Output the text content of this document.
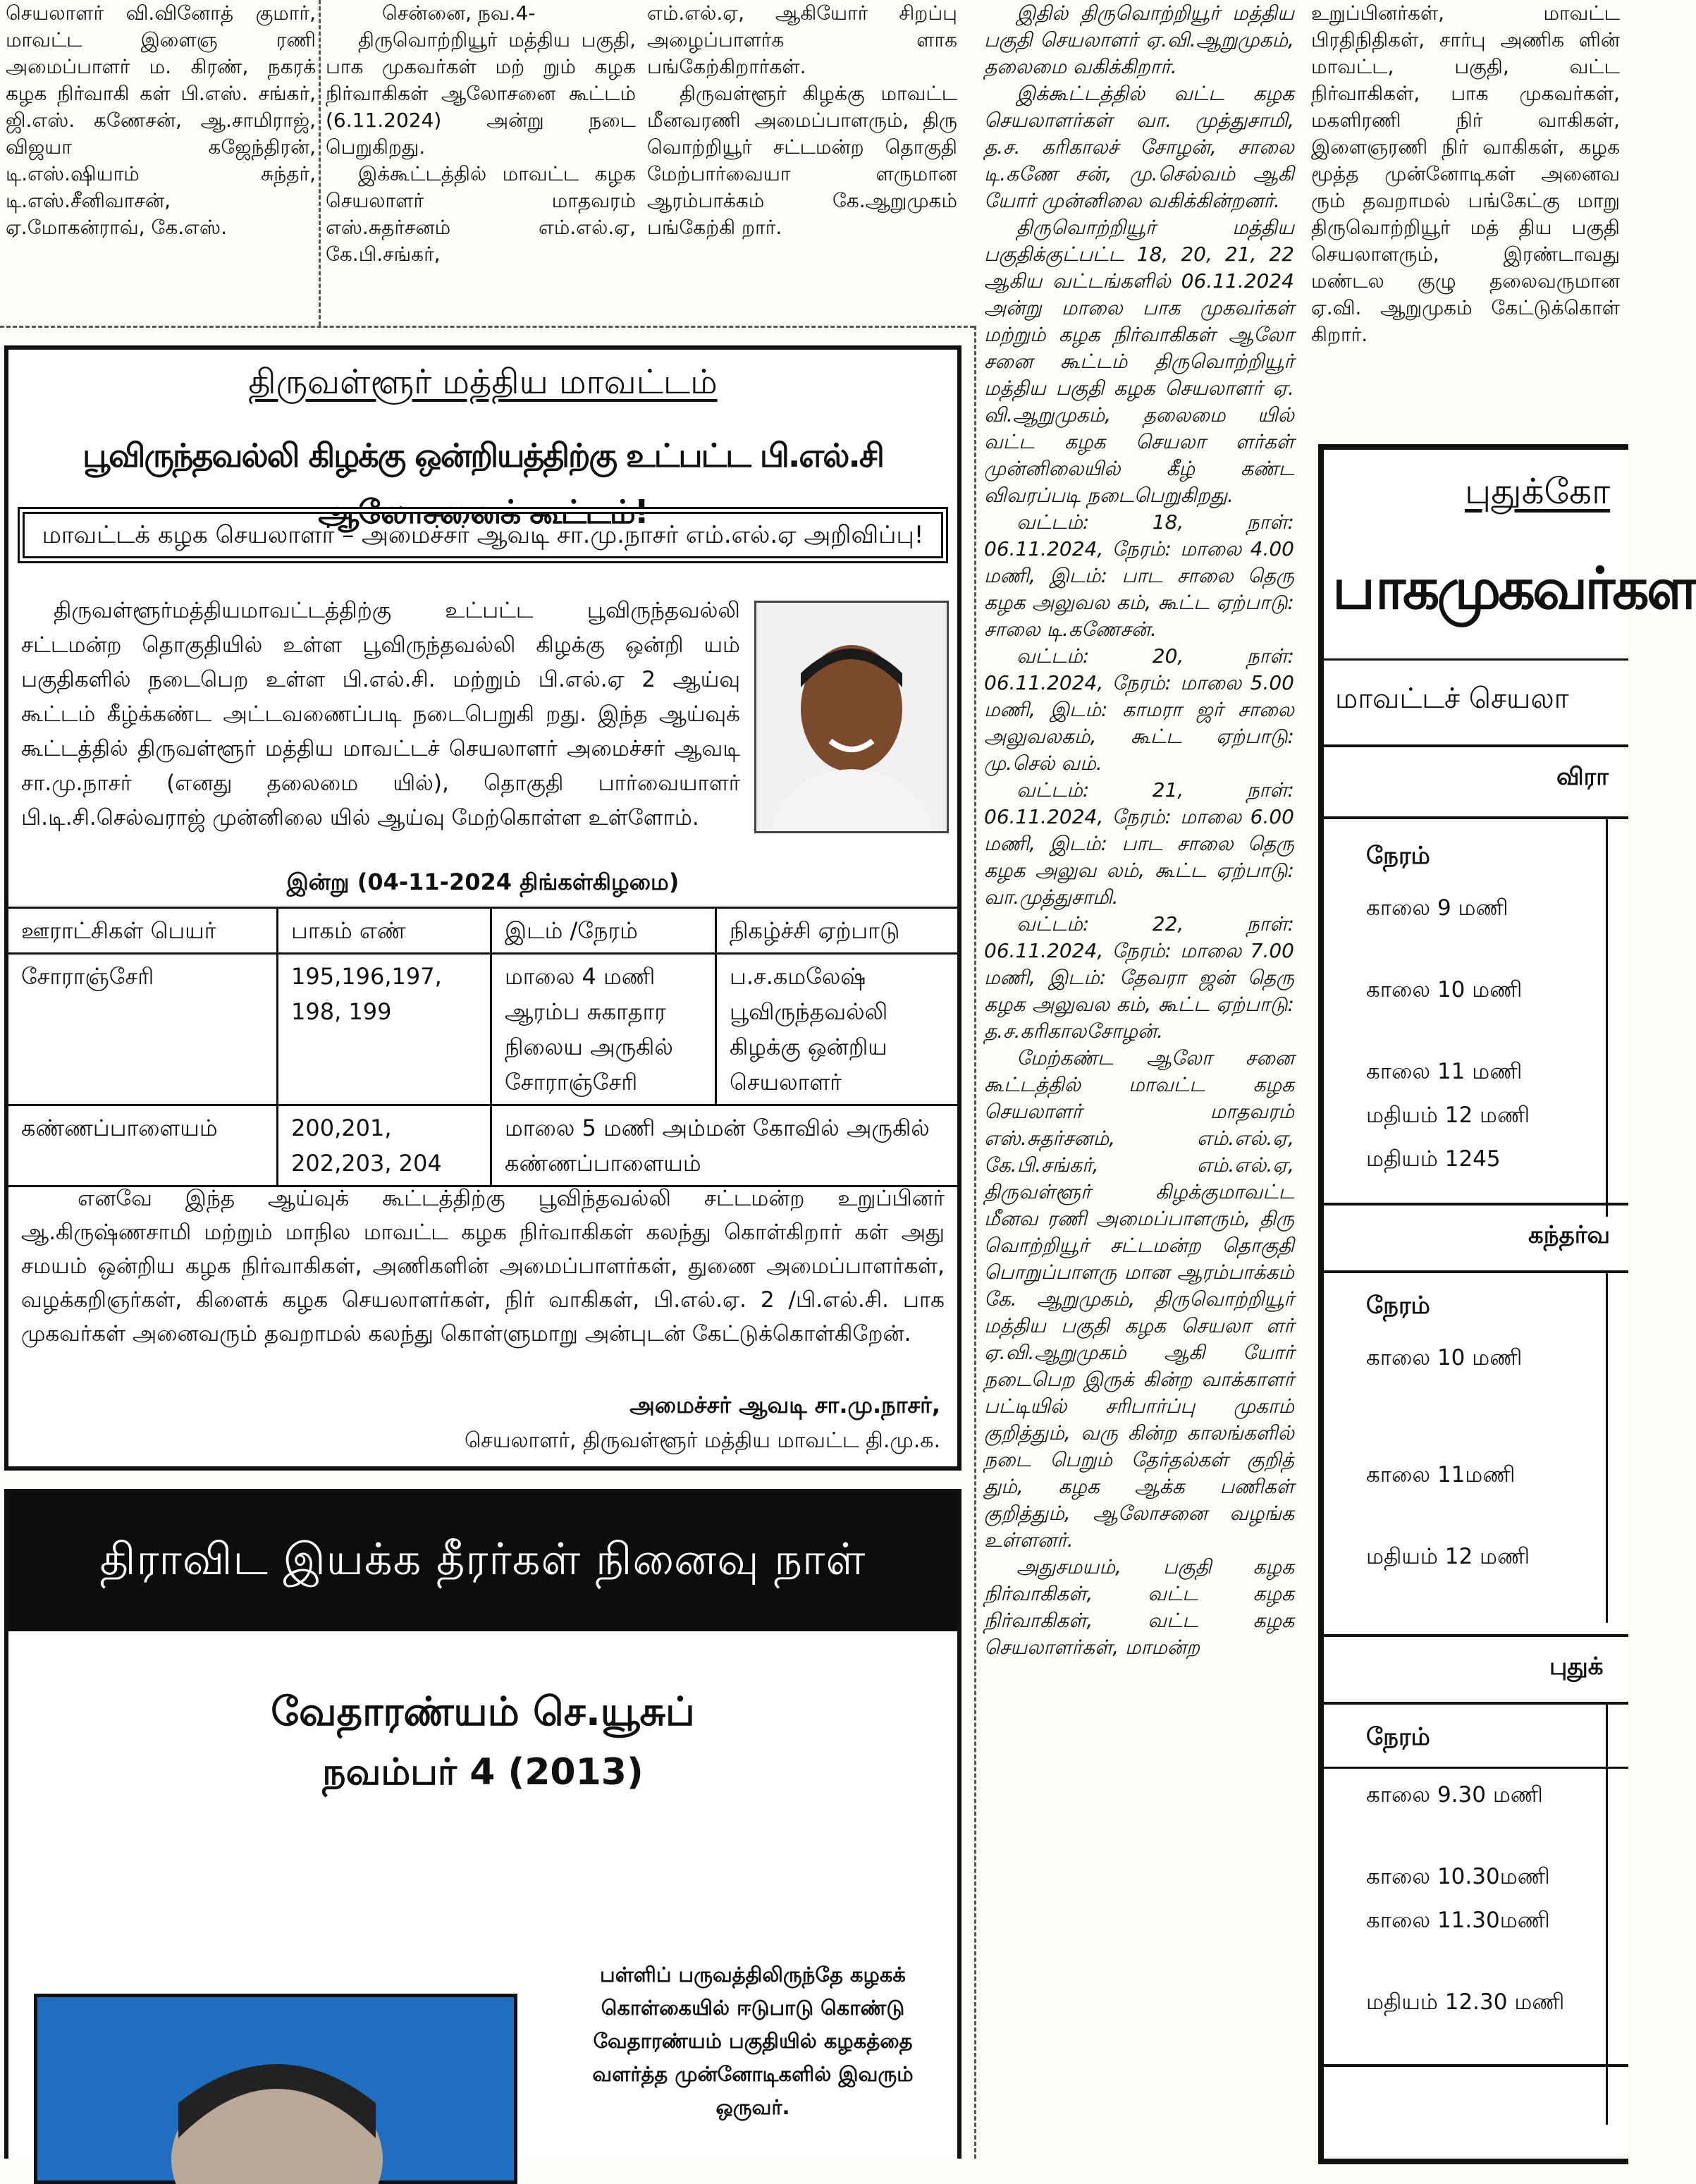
செயலாளர் வி.வினோத் குமார், மாவட்ட இளைஞ ரணி அமைப்பாளர் ம. கிரண், நகரக் கழக நிர்வாகி கள் பி.எஸ். சங்கர், ஜி.எஸ். கணேசன், ஆ.சாமிராஜ், விஜயா கஜேந்திரன், டி.எஸ்.ஷியாம் சுந்தர், டி.எஸ்.சீனிவாசன், ஏ.மோகன்ராவ், கே.எஸ்.

சென்னை, நவ.4-

திருவொற்றியூர் மத்திய பகுதி, பாக முகவர்கள் மற் றும் கழக நிர்வாகிகள் ஆலோசனை கூட்டம் (6.11.2024) அன்று நடை பெறுகிறது.

இக்கூட்டத்தில் மாவட்ட கழக செயலாளர் மாதவரம் எஸ்.சுதர்சனம் எம்.எல்.ஏ, கே.பி.சங்கர்,

எம்.எல்.ஏ, ஆகியோர் சிறப்பு அழைப்பாளர்க ளாக பங்கேற்கிறார்கள்.

திருவள்ளூர் கிழக்கு மாவட்ட மீனவரணி அமைப்பாளரும், திரு வொற்றியூர் சட்டமன்ற தொகுதி மேற்பார்வையா ளருமான ஆரம்பாக்கம் கே.ஆறுமுகம் பங்கேற்கி றார்.

இதில் திருவொற்றியூர் மத்திய பகுதி செயலாளர் ஏ.வி.ஆறுமுகம், தலைமை வகிக்கிறார்.

இக்கூட்டத்தில் வட்ட கழக செயலாளர்கள் வா. முத்துசாமி, த.ச. கரிகாலச் சோழன், சாலை டி.கணே சன், மு.செல்வம் ஆகி யோர் முன்னிலை வகிக்கின்றனர்.

திருவொற்றியூர் மத்திய பகுதிக்குட்பட்ட 18, 20, 21, 22 ஆகிய வட்டங்களில் 06.11.2024 அன்று மாலை பாக முகவர்கள் மற்றும் கழக நிர்வாகிகள் ஆலோ சனை கூட்டம் திருவொற்றியூர் மத்திய பகுதி கழக செயலாளர் ஏ. வி.ஆறுமுகம், தலைமை யில் வட்ட கழக செயலா ளர்கள் முன்னிலையில் கீழ் கண்ட விவரப்படி நடைபெறுகிறது.

வட்டம்: 18, நாள்: 06.11.2024, நேரம்: மாலை 4.00 மணி, இடம்: பாட சாலை தெரு கழக அலுவல கம், கூட்ட ஏற்பாடு: சாலை டி.கணேசன்.

வட்டம்: 20, நாள்: 06.11.2024, நேரம்: மாலை 5.00 மணி, இடம்: காமரா ஜர் சாலை அலுவலகம், கூட்ட ஏற்பாடு: மு.செல் வம்.

வட்டம்: 21, நாள்: 06.11.2024, நேரம்: மாலை 6.00 மணி, இடம்: பாட சாலை தெரு கழக அலுவ லம், கூட்ட ஏற்பாடு: வா.முத்துசாமி.

வட்டம்: 22, நாள்: 06.11.2024, நேரம்: மாலை 7.00 மணி, இடம்: தேவரா ஜன் தெரு கழக அலுவல கம், கூட்ட ஏற்பாடு: த.ச.கரிகாலசோழன்.

மேற்கண்ட ஆலோ சனை கூட்டத்தில் மாவட்ட கழக செயலாளர் மாதவரம் எஸ்.சுதர்சனம், எம்.எல்.ஏ, கே.பி.சங்கர், எம்.எல்.ஏ, திருவள்ளூர் கிழக்குமாவட்ட மீனவ ரணி அமைப்பாளரும், திரு வொற்றியூர் சட்டமன்ற தொகுதி பொறுப்பாளரு மான ஆரம்பாக்கம் கே. ஆறுமுகம், திருவொற்றியூர் மத்திய பகுதி கழக செயலா ளர் ஏ.வி.ஆறுமுகம் ஆகி யோர் நடைபெற இருக் கின்ற வாக்காளர் பட்டியில் சரிபார்ப்பு முகாம் குறித்தும், வரு கின்ற காலங்களில் நடை பெறும் தேர்தல்கள் குறித் தும், கழக ஆக்க பணிகள் குறித்தும், ஆலோசனை வழங்க உள்ளனர்.

அதுசமயம், பகுதி கழக நிர்வாகிகள், வட்ட கழக நிர்வாகிகள், வட்ட கழக செயலாளர்கள், மாமன்ற

உறுப்பினர்கள், மாவட்ட பிரதிநிதிகள், சார்பு அணிக ளின் மாவட்ட, பகுதி, வட்ட நிர்வாகிகள், பாக முகவர்கள், மகளிரணி நிர் வாகிகள், இளைஞரணி நிர் வாகிகள், கழக மூத்த முன்னோடிகள் அனைவ ரும் தவறாமல் பங்கேட்கு மாறு திருவொற்றியூர் மத் திய பகுதி செயலாளரும், இரண்டாவது மண்டல குழு தலைவருமான ஏ.வி. ஆறுமுகம் கேட்டுக்கொள் கிறார்.

திருவள்ளூர் மத்திய மாவட்டம்
பூவிருந்தவல்லி கிழக்கு ஒன்றியத்திற்கு உட்பட்ட பி.எல்.சி ஆலோசனைக் கூட்டம்!
மாவட்டக் கழக செயலாளர் – அமைச்சர் ஆவடி சா.மு.நாசர் எம்.எல்.ஏ அறிவிப்பு!
திருவள்ளூர்மத்தியமாவட்டத்திற்கு உட்பட்ட பூவிருந்தவல்லி சட்டமன்ற தொகுதியில் உள்ள பூவிருந்தவல்லி கிழக்கு ஒன்றி யம் பகுதிகளில் நடைபெற உள்ள பி.எல்.சி. மற்றும் பி.எல்.ஏ 2 ஆய்வு கூட்டம் கீழ்க்கண்ட அட்டவணைப்படி நடைபெறுகி றது. இந்த ஆய்வுக் கூட்டத்தில் திருவள்ளூர் மத்திய மாவட்டச் செயலாளர் அமைச்சர் ஆவடி சா.மு.நாசர் (எனது தலைமை யில்), தொகுதி பார்வையாளர் பி.டி.சி.செல்வராஜ் முன்னிலை யில் ஆய்வு மேற்கொள்ள உள்ளோம்.
இன்று (04-11-2024 திங்கள்கிழமை)
ஊராட்சிகள் பெயர்	பாகம் எண்	இடம் /நேரம்	நிகழ்ச்சி ஏற்பாடு
சோராஞ்சேரி	195,196,197, 198, 199	மாலை 4 மணி ஆரம்ப சுகாதார நிலைய அருகில் சோராஞ்சேரி	ப.ச.கமலேஷ் பூவிருந்தவல்லி கிழக்கு ஒன்றிய செயலாளர்
கண்ணப்பாளையம்	200,201, 202,203, 204	மாலை 5 மணி அம்மன் கோவில் அருகில் கண்ணப்பாளையம்	
எனவே இந்த ஆய்வுக் கூட்டத்திற்கு பூவிந்தவல்லி சட்டமன்ற உறுப்பினர் ஆ.கிருஷ்ணசாமி மற்றும் மாநில மாவட்ட கழக நிர்வாகிகள் கலந்து கொள்கிறார் கள் அது சமயம் ஒன்றிய கழக நிர்வாகிகள், அணிகளின் அமைப்பாளர்கள், துணை அமைப்பாளர்கள், வழக்கறிஞர்கள், கிளைக் கழக செயலாளர்கள், நிர் வாகிகள், பி.எல்.ஏ. 2 /பி.எல்.சி. பாக முகவர்கள் அனைவரும் தவறாமல் கலந்து கொள்ளுமாறு அன்புடன் கேட்டுக்கொள்கிறேன்.
அமைச்சர் ஆவடி சா.மு.நாசர்,
செயலாளர், திருவள்ளூர் மத்திய மாவட்ட தி.மு.க.
திராவிட இயக்க தீரர்கள் நினைவு நாள்
வேதாரண்யம் செ.யூசுப்
நவம்பர் 4 (2013)
பள்ளிப் பருவத்திலிருந்தே கழகக் கொள்கையில் ஈடுபாடு கொண்டு வேதாரண்யம் பகுதியில் கழகத்தை வளர்த்த முன்னோடிகளில் இவரும் ஒருவர்.
புதுக்கோ
பாகமுகவர்கள
மாவட்டச் செயலா
விரா
நேரம்
காலை 9 மணி
காலை 10 மணி
காலை 11 மணி
மதியம் 12 மணி
மதியம் 1245
கந்தர்வ
நேரம்
காலை 10 மணி
காலை 11மணி
மதியம் 12 மணி
புதுக்
நேரம்
காலை 9.30 மணி
காலை 10.30மணி
காலை 11.30மணி
மதியம் 12.30 மணி
